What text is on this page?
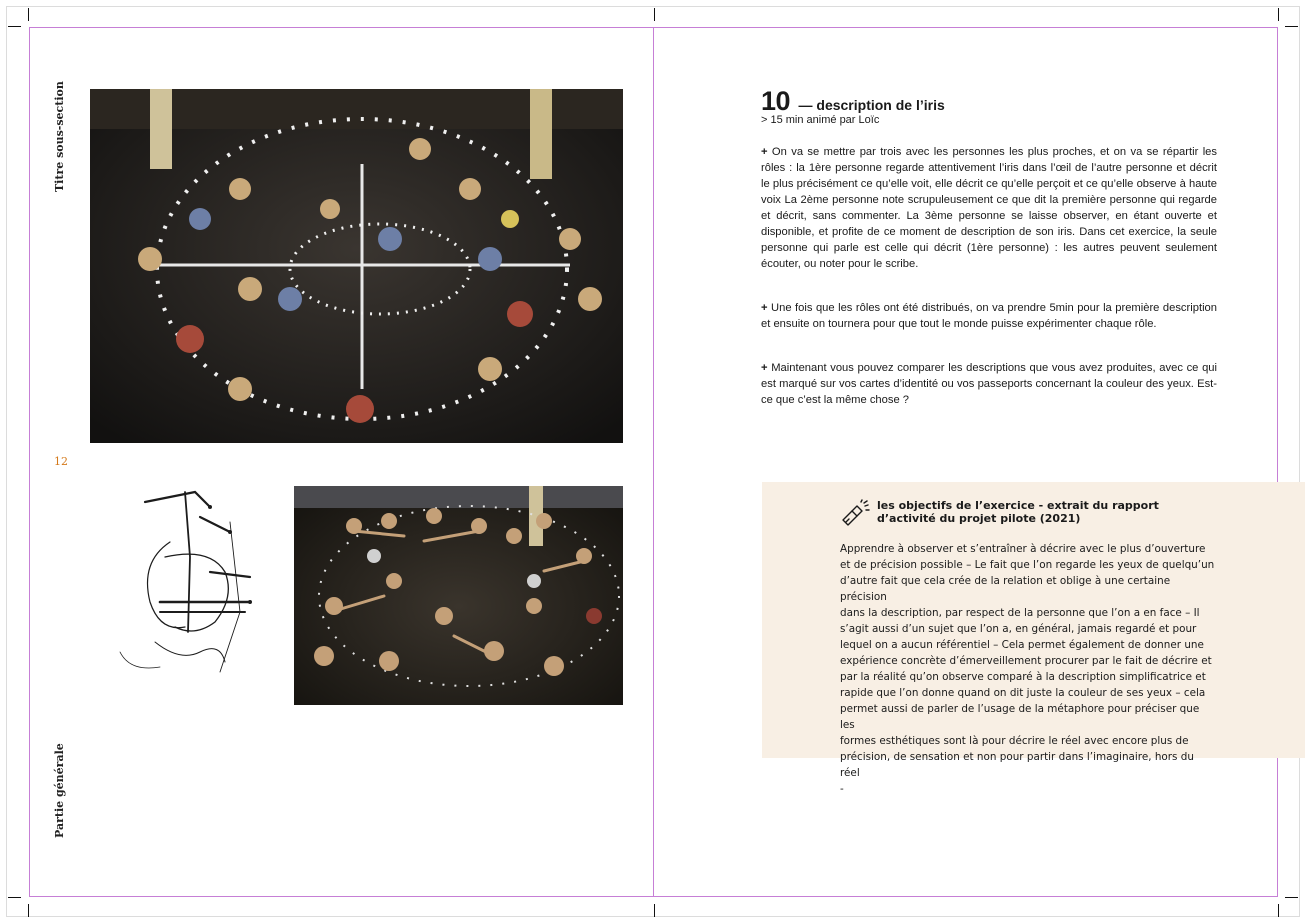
Titre sous-section
Partie générale
12
10 — description de l’iris
> 15 min animé par Loïc

+ On va se mettre par trois avec les personnes les plus proches, et on va se répartir les rôles : la 1ère personne regarde attentivement l’iris dans l’œil de l’autre personne et décrit le plus précisément ce qu’elle voit, elle décrit ce qu’elle perçoit et ce qu’elle observe à haute voix La 2ème personne note scrupuleusement ce que dit la première personne qui regarde et décrit, sans commenter. La 3ème personne se laisse observer, en étant ouverte et disponible, et profite de ce moment de description de son iris. Dans cet exercice, la seule personne qui parle est celle qui décrit (1ère personne) : les autres peuvent seulement écouter, ou noter pour le scribe.

+ Une fois que les rôles ont été distribués, on va prendre 5min pour la première description et ensuite on tournera pour que tout le monde puisse expérimenter chaque rôle.

+ Maintenant vous pouvez comparer les descriptions que vous avez produites, avec ce qui est marqué sur vos cartes d’identité ou vos passeports concernant la couleur des yeux. Est-ce que c’est la même chose ?

les objectifs de l’exercice - extrait du rapport d’activité du projet pilote (2021)
Apprendre à observer et s’entraîner à décrire avec le plus d’ouverture
et de précision possible – Le fait que l’on regarde les yeux de quelqu’un
d’autre fait que cela crée de la relation et oblige à une certaine précision
dans la description, par respect de la personne que l’on a en face – Il
s’agit aussi d’un sujet que l’on a, en général, jamais regardé et pour
lequel on a aucun référentiel – Cela permet également de donner une
expérience concrète d’émerveillement procurer par le fait de décrire et
par la réalité qu’on observe comparé à la description simplificatrice et
rapide que l’on donne quand on dit juste la couleur de ses yeux – cela
permet aussi de parler de l’usage de la métaphore pour préciser que les
formes esthétiques sont là pour décrire le réel avec encore plus de
précision, de sensation et non pour partir dans l’imaginaire, hors du réel
-
